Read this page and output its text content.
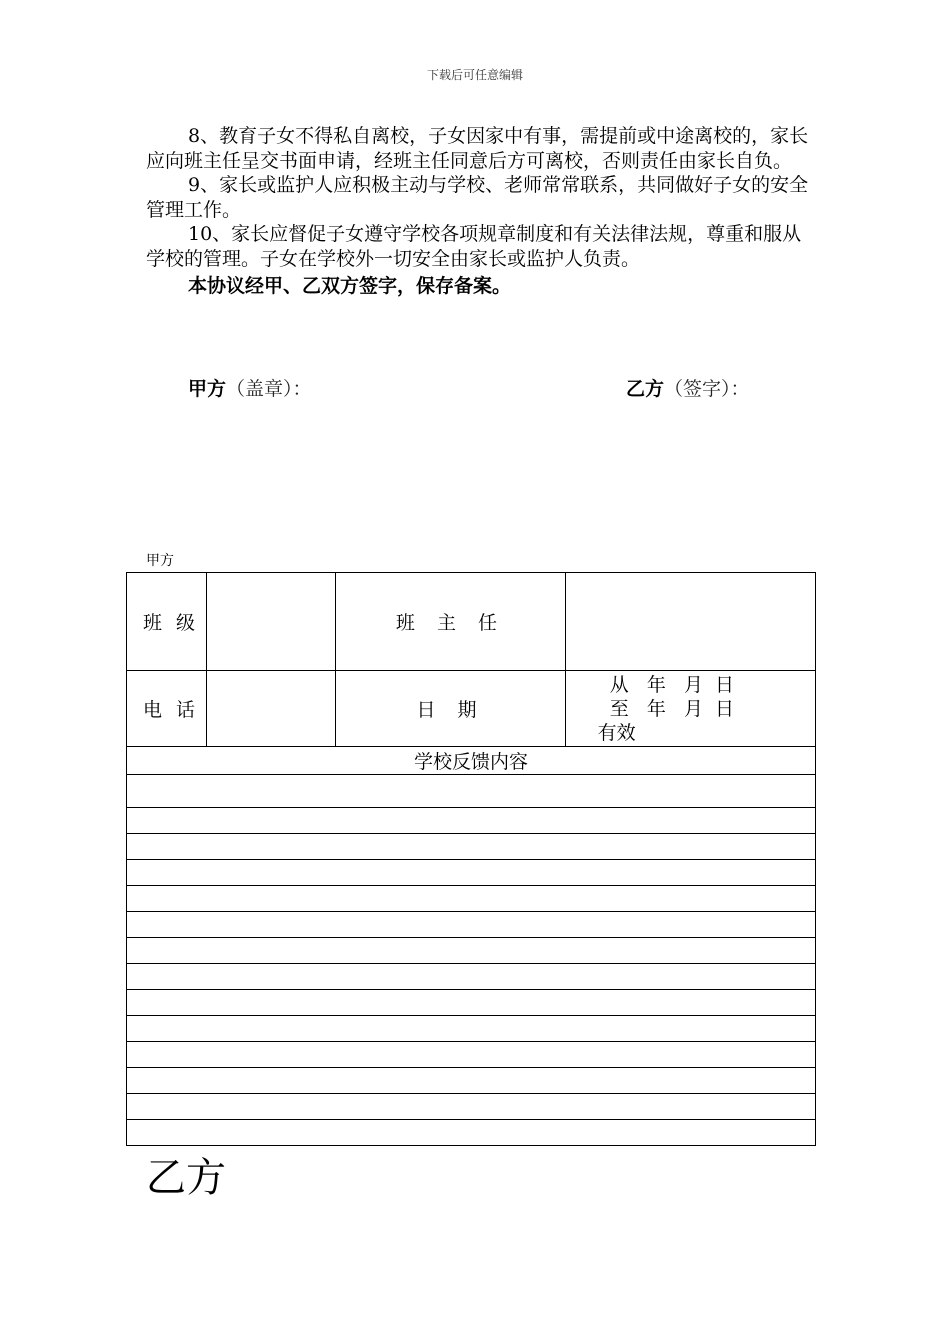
下载后可任意编辑

8、教育子女不得私自离校，子女因家中有事，需提前或中途离校的，家长应向班主任呈交书面申请，经班主任同意后方可离校，否则责任由家长自负。

9、家长或监护人应积极主动与学校、老师常常联系，共同做好子女的安全管理工作。

10、家长应督促子女遵守学校各项规章制度和有关法律法规，尊重和服从学校的管理。子女在学校外一切安全由家长或监护人负责。

本协议经甲、乙双方签字，保存备案。

甲方（盖章）：	乙方（签字）：
甲方
班 级		班 主 任	
电 话		日 期	从   年   月  日
至   年   月  日
有效

学校反馈内容			

乙方
